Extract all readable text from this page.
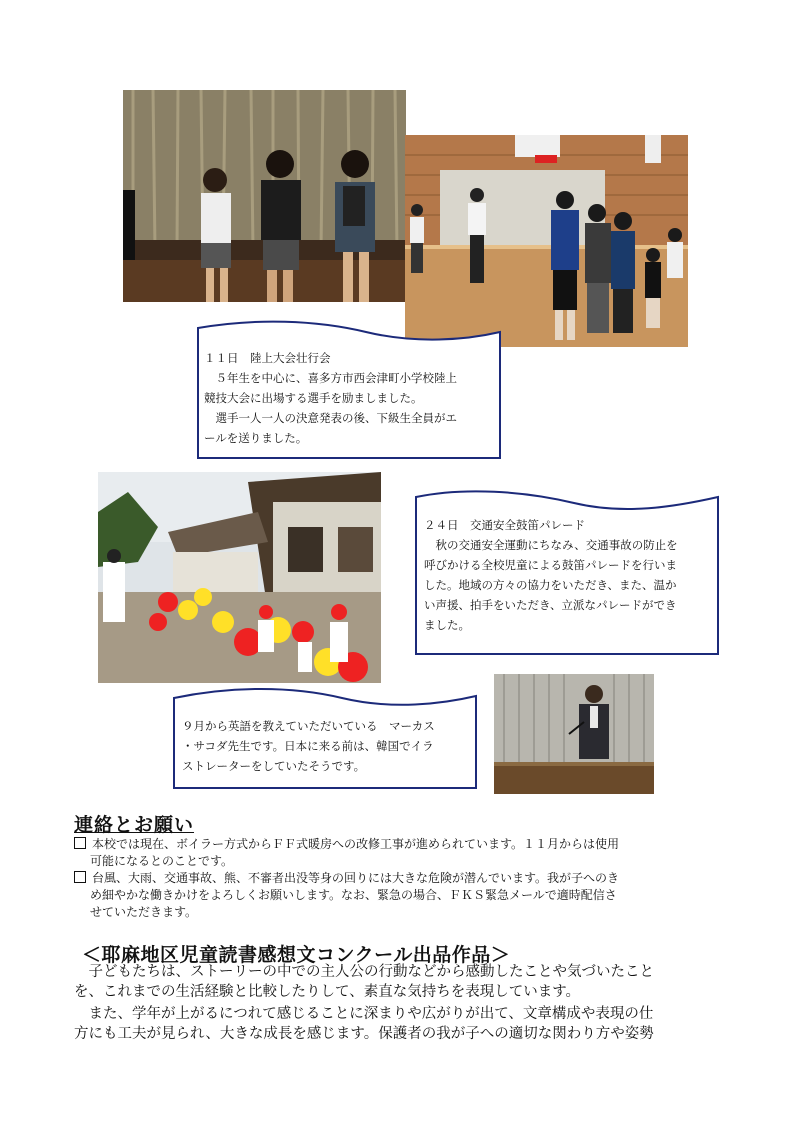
１１日　陸上大会壮行会
　５年生を中心に、喜多方市西会津町小学校陸上
競技大会に出場する選手を励ましました。
　選手一人一人の決意発表の後、下級生全員がエ
ールを送りました。
２４日　交通安全鼓笛パレード
　秋の交通安全運動にちなみ、交通事故の防止を
呼びかける全校児童による鼓笛パレードを行いま
した。地域の方々の協力をいただき、また、温か
い声援、拍手をいただき、立派なパレードができ
ました。
９月から英語を教えていただいている　マーカス
・サコダ先生です。日本に来る前は、韓国でイラ
ストレーターをしていたそうです。
連絡とお願い
本校では現在、ボイラー方式からＦＦ式暖房への改修工事が進められています。１１月からは使用
可能になるとのことです。
台風、大雨、交通事故、熊、不審者出没等身の回りには大きな危険が潜んでいます。我が子へのき
め細やかな働きかけをよろしくお願いします。なお、緊急の場合、ＦＫＳ緊急メールで適時配信さ
せていただきます。
＜耶麻地区児童読書感想文コンクール出品作品＞
　子どもたちは、ストーリーの中での主人公の行動などから感動したことや気づいたこと
を、これまでの生活経験と比較したりして、素直な気持ちを表現しています。
　また、学年が上がるにつれて感じることに深まりや広がりが出て、文章構成や表現の仕
方にも工夫が見られ、大きな成長を感じます。保護者の我が子への適切な関わり方や姿勢
